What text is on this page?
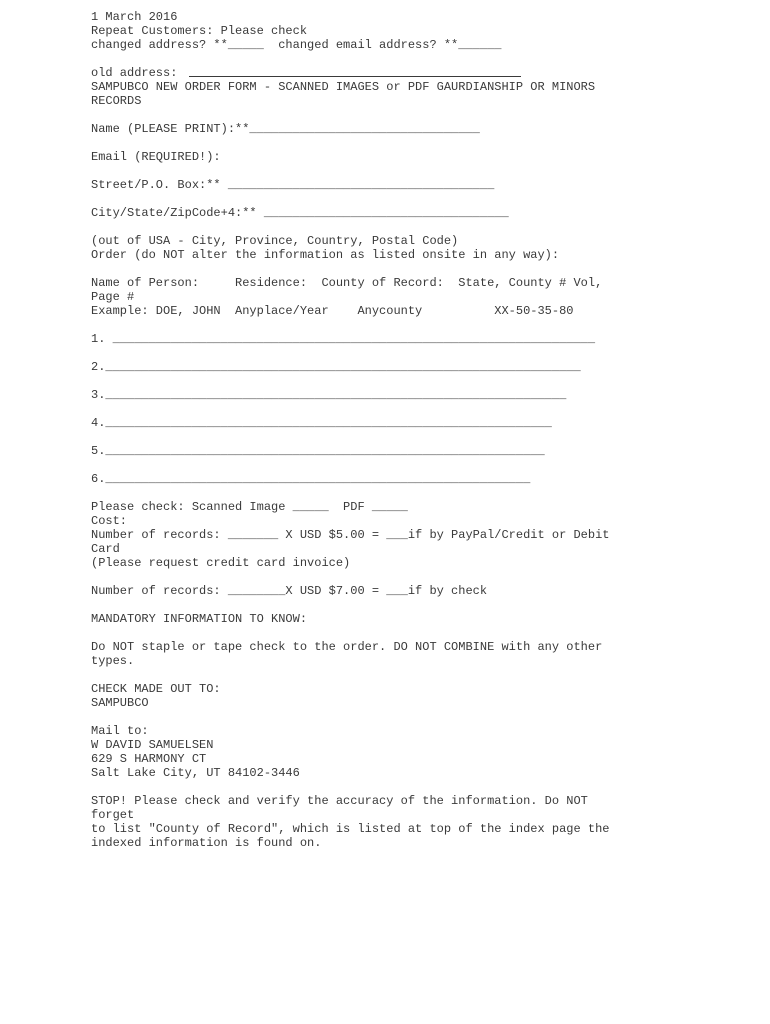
1 March 2016
Repeat Customers: Please check
changed address? **_____  changed email address? **______
old address:
SAMPUBCO NEW ORDER FORM - SCANNED IMAGES or PDF GAURDIANSHIP OR MINORS
RECORDS
Name (PLEASE PRINT):**________________________________
Email (REQUIRED!):
Street/P.O. Box:** _____________________________________
City/State/ZipCode+4:** __________________________________
(out of USA - City, Province, Country, Postal Code)
Order (do NOT alter the information as listed onsite in any way):
Name of Person:     Residence:  County of Record:  State, County # Vol,
Page #
Example: DOE, JOHN  Anyplace/Year    Anycounty          XX-50-35-80
1. ___________________________________________________________________
2.__________________________________________________________________
3.________________________________________________________________
4.______________________________________________________________
5._____________________________________________________________
6.___________________________________________________________
Please check: Scanned Image _____  PDF _____
Cost:
Number of records: _______ X USD $5.00 = ___if by PayPal/Credit or Debit
Card
(Please request credit card invoice)
Number of records: ________X USD $7.00 = ___if by check
MANDATORY INFORMATION TO KNOW:
Do NOT staple or tape check to the order. DO NOT COMBINE with any other
types.
CHECK MADE OUT TO:
SAMPUBCO
Mail to:
W DAVID SAMUELSEN
629 S HARMONY CT
Salt Lake City, UT 84102-3446
STOP! Please check and verify the accuracy of the information. Do NOT
forget
to list "County of Record", which is listed at top of the index page the
indexed information is found on.
